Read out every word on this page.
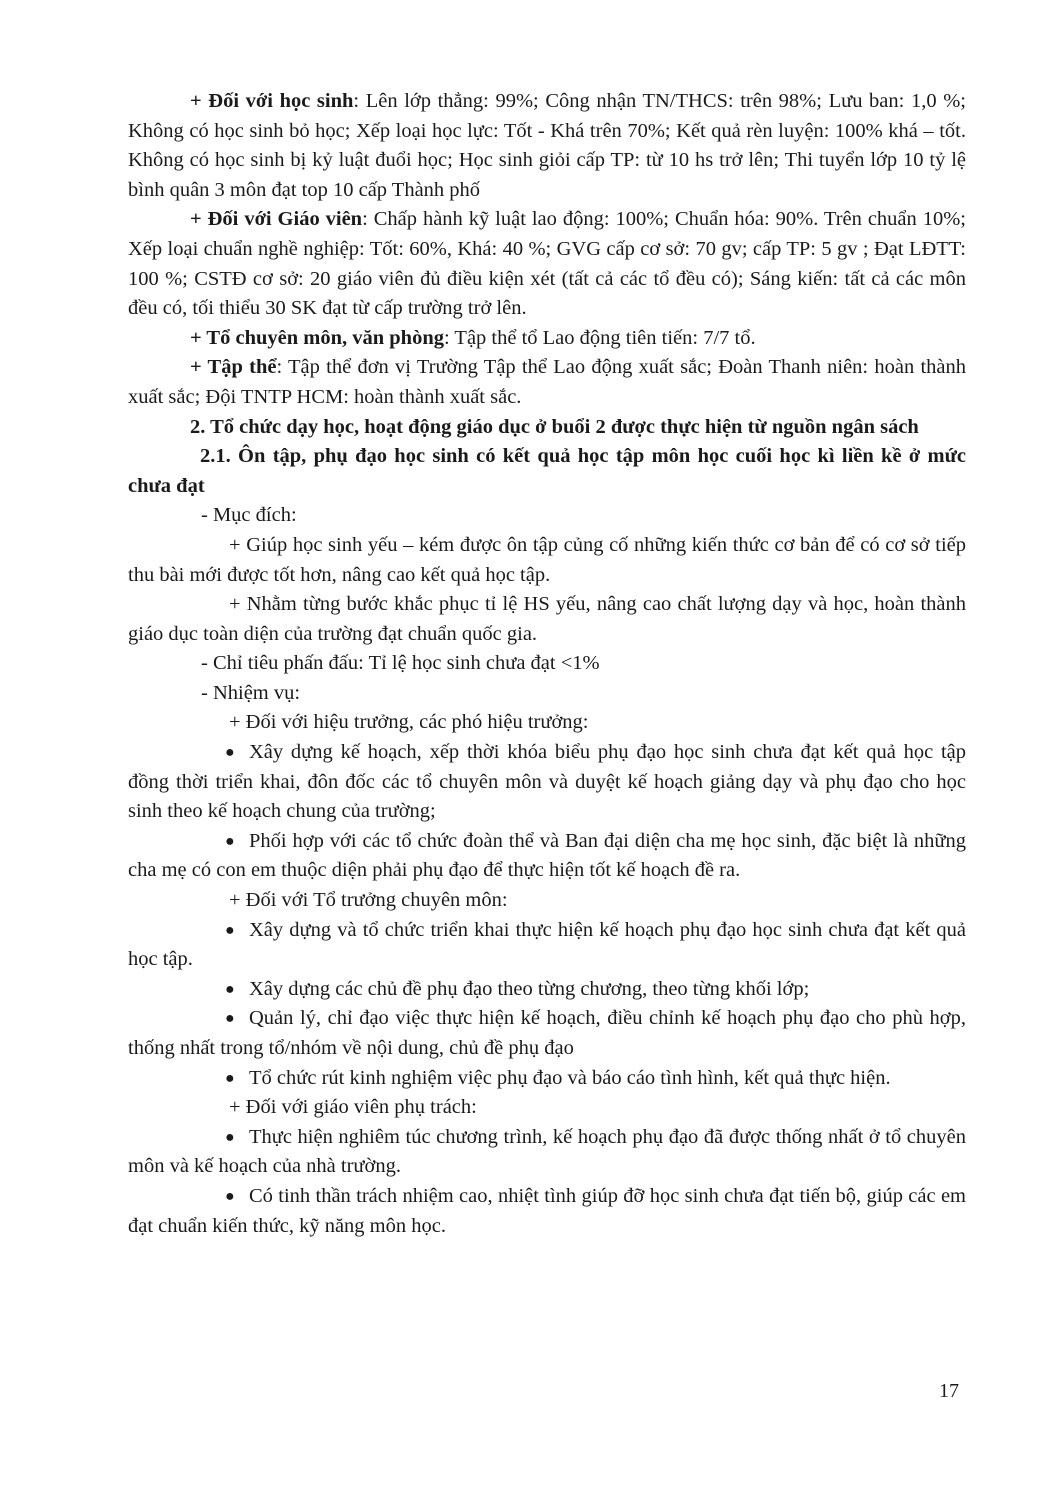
+ Đối với học sinh: Lên lớp thẳng: 99%; Công nhận TN/THCS: trên 98%; Lưu ban: 1,0 %; Không có học sinh bỏ học; Xếp loại học lực: Tốt - Khá trên 70%; Kết quả rèn luyện: 100% khá – tốt. Không có học sinh bị kỷ luật đuổi học; Học sinh giỏi cấp TP: từ 10 hs trở lên; Thi tuyển lớp 10 tỷ lệ bình quân 3 môn đạt top 10 cấp Thành phố

+ Đối với Giáo viên: Chấp hành kỹ luật lao động: 100%; Chuẩn hóa: 90%. Trên chuẩn 10%; Xếp loại chuẩn nghề nghiệp: Tốt: 60%, Khá: 40 %; GVG cấp cơ sở: 70 gv; cấp TP: 5 gv ; Đạt LĐTT: 100 %; CSTĐ cơ sở: 20 giáo viên đủ điều kiện xét (tất cả các tổ đều có); Sáng kiến: tất cả các môn đều có, tối thiểu 30 SK đạt từ cấp trường trở lên.

+ Tổ chuyên môn, văn phòng: Tập thể tổ Lao động tiên tiến: 7/7 tổ.

+ Tập thể: Tập thể đơn vị Trường Tập thể Lao động xuất sắc; Đoàn Thanh niên: hoàn thành xuất sắc; Đội TNTP HCM: hoàn thành xuất sắc.

2. Tổ chức dạy học, hoạt động giáo dục ở buổi 2 được thực hiện từ nguồn ngân sách

2.1. Ôn tập, phụ đạo học sinh có kết quả học tập môn học cuối học kì liền kề ở mức chưa đạt

- Mục đích:

+ Giúp học sinh yếu – kém được ôn tập củng cố những kiến thức cơ bản để có cơ sở tiếp thu bài mới được tốt hơn, nâng cao kết quả học tập.

+ Nhằm từng bước khắc phục tỉ lệ HS yếu, nâng cao chất lượng dạy và học, hoàn thành giáo dục toàn diện của trường đạt chuẩn quốc gia.

- Chỉ tiêu phấn đấu: Tỉ lệ học sinh chưa đạt <1%

- Nhiệm vụ:

+ Đối với hiệu trưởng, các phó hiệu trưởng:

● Xây dựng kế hoạch, xếp thời khóa biểu phụ đạo học sinh chưa đạt kết quả học tập đồng thời triển khai, đôn đốc các tổ chuyên môn và duyệt kế hoạch giảng dạy và phụ đạo cho học sinh theo kế hoạch chung của trường;

● Phối hợp với các tổ chức đoàn thể và Ban đại diện cha mẹ học sinh, đặc biệt là những cha mẹ có con em thuộc diện phải phụ đạo để thực hiện tốt kế hoạch đề ra.

+ Đối với Tổ trưởng chuyên môn:

● Xây dựng và tổ chức triển khai thực hiện kế hoạch phụ đạo học sinh chưa đạt kết quả học tập.

● Xây dựng các chủ đề phụ đạo theo từng chương, theo từng khối lớp;

● Quản lý, chỉ đạo việc thực hiện kế hoạch, điều chỉnh kế hoạch phụ đạo cho phù hợp, thống nhất trong tổ/nhóm về nội dung, chủ đề phụ đạo

● Tổ chức rút kinh nghiệm việc phụ đạo và báo cáo tình hình, kết quả thực hiện.

+ Đối với giáo viên phụ trách:

● Thực hiện nghiêm túc chương trình, kế hoạch phụ đạo đã được thống nhất ở tổ chuyên môn và kế hoạch của nhà trường.

● Có tinh thần trách nhiệm cao, nhiệt tình giúp đỡ học sinh chưa đạt tiến bộ, giúp các em đạt chuẩn kiến thức, kỹ năng môn học.

17
